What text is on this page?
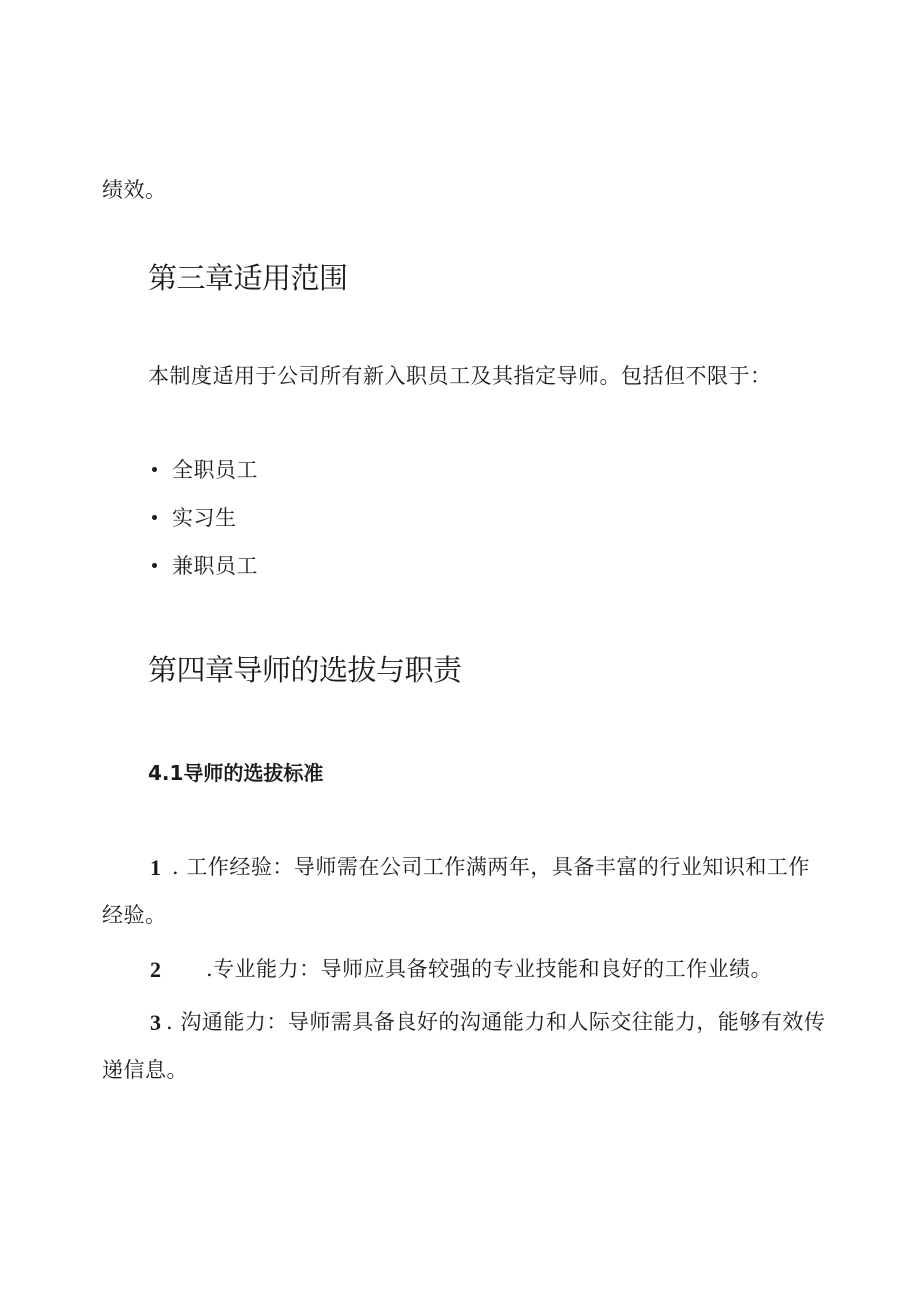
绩效。
第三章适用范围
本制度适用于公司所有新入职员工及其指定导师。包括但不限于：
全职员工
实习生
兼职员工
第四章导师的选拔与职责
4.1导师的选拔标准
1 . 工作经验：导师需在公司工作满两年，具备丰富的行业知识和工作
经验。
2 .专业能力：导师应具备较强的专业技能和良好的工作业绩。
3 . 沟通能力：导师需具备良好的沟通能力和人际交往能力，能够有效传
递信息。
